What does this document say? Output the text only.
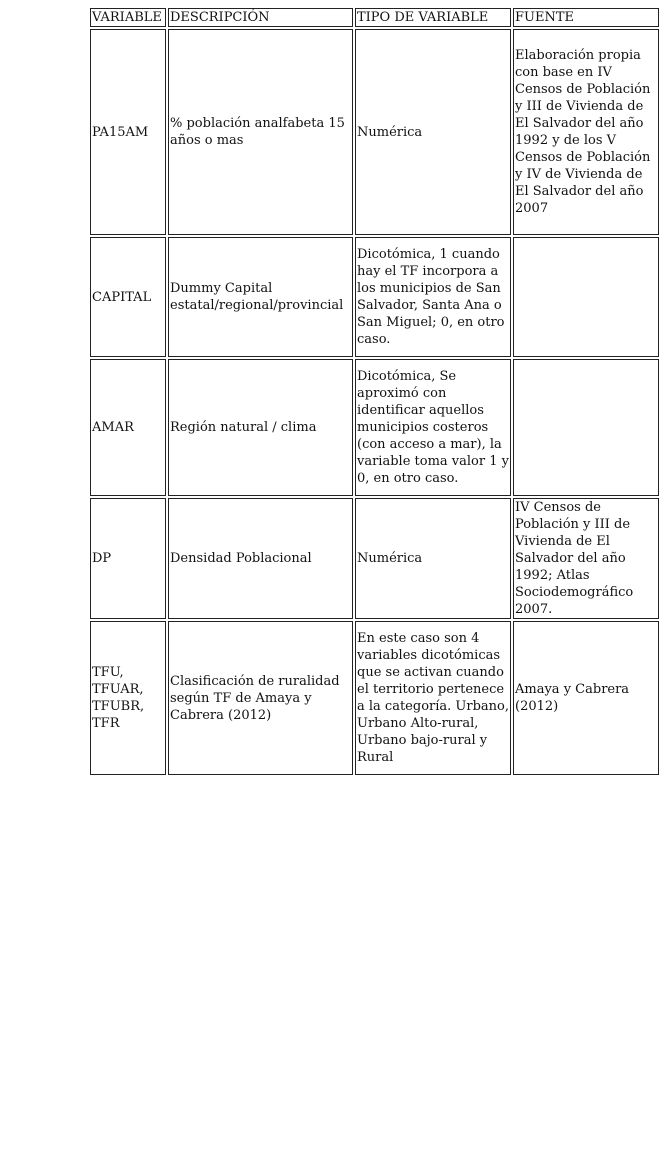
VARIABLE	DESCRIPCIÓN	TIPO DE VARIABLE	FUENTE
PA15AM	% población analfabeta 15 años o mas	Numérica	Elaboración propia con base en IV Censos de Población y III de Vivienda de El Salvador del año 1992 y de los V Censos de Población y IV de Vivienda de El Salvador del año 2007
CAPITAL	Dummy Capital estatal/regional/provincial	Dicotómica, 1 cuando hay el TF incorpora a los municipios de San Salvador, Santa Ana o San Miguel; 0, en otro caso.	
AMAR	Región natural / clima	Dicotómica, Se aproximó con identificar aquellos municipios costeros (con acceso a mar), la variable toma valor 1 y 0, en otro caso.	
DP	Densidad Poblacional	Numérica	IV Censos de Población y III de Vivienda de El Salvador del año 1992; Atlas Sociodemográfico 2007.
TFU, TFUAR, TFUBR, TFR	Clasificación de ruralidad según TF de Amaya y Cabrera (2012)	En este caso son 4 variables dicotómicas que se activan cuando el territorio pertenece a la categoría. Urbano, Urbano Alto-rural, Urbano bajo-rural y Rural	Amaya y Cabrera (2012)
